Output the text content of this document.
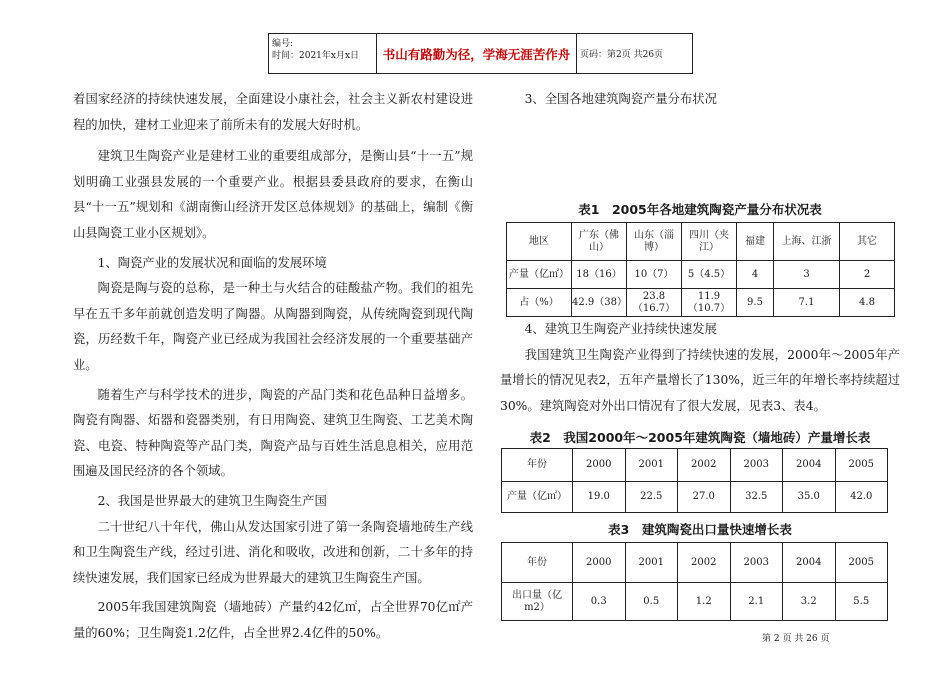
编号:
时间：2021年x月x日	书山有路勤为径，学海无涯苦作舟	页码：第2页 共26页

着国家经济的持续快速发展，全面建设小康社会，社会主义新农村建设进程的加快，建材工业迎来了前所未有的发展大好时机。

建筑卫生陶瓷产业是建材工业的重要组成部分，是衡山县“十一五”规划明确工业强县发展的一个重要产业。根据县委县政府的要求，在衡山县“十一五”规划和《湖南衡山经济开发区总体规划》的基础上，编制《衡山县陶瓷工业小区规划》。

1、陶瓷产业的发展状况和面临的发展环境

陶瓷是陶与瓷的总称，是一种土与火结合的硅酸盐产物。我们的祖先早在五千多年前就创造发明了陶器。从陶器到陶瓷，从传统陶瓷到现代陶瓷，历经数千年，陶瓷产业已经成为我国社会经济发展的一个重要基础产业。

随着生产与科学技术的进步，陶瓷的产品门类和花色品种日益增多。陶瓷有陶器、炻器和瓷器类别，有日用陶瓷、建筑卫生陶瓷、工艺美术陶瓷、电瓷、特种陶瓷等产品门类，陶瓷产品与百姓生活息息相关，应用范围遍及国民经济的各个领域。

2、我国是世界最大的建筑卫生陶瓷生产国

二十世纪八十年代，佛山从发达国家引进了第一条陶瓷墙地砖生产线和卫生陶瓷生产线，经过引进、消化和吸收，改进和创新，二十多年的持续快速发展，我们国家已经成为世界最大的建筑卫生陶瓷生产国。

2005年我国建筑陶瓷（墙地砖）产量约42亿㎡，占全世界70亿㎡产量的60%；卫生陶瓷1.2亿件，占全世界2.4亿件的50%。

3、全国各地建筑陶瓷产量分布状况

表1　2005年各地建筑陶瓷产量分布状况表
地区	广东（佛山）	山东（淄博）	四川（夹江）	福建	上海、江浙	其它
产量（亿㎡）	18（16）	10（7）	5（4.5）	4	3	2
占（%）	42.9（38）	23.8（16.7）	11.9（10.7）	9.5	7.1	4.8

4、建筑卫生陶瓷产业持续快速发展

我国建筑卫生陶瓷产业得到了持续快速的发展，2000年～2005年产量增长的情况见表2，五年产量增长了130%，近三年的年增长率持续超过30%。建筑陶瓷对外出口情况有了很大发展，见表3、表4。

表2　我国2000年～2005年建筑陶瓷（墙地砖）产量增长表
年份	2000	2001	2002	2003	2004	2005
产量（亿㎡）	19.0	22.5	27.0	32.5	35.0	42.0
表3　建筑陶瓷出口量快速增长表
年份	2000	2001	2002	2003	2004	2005
出口量（亿m2）	0.3	0.5	1.2	2.1	3.2	5.5
第 2 页 共 26 页
